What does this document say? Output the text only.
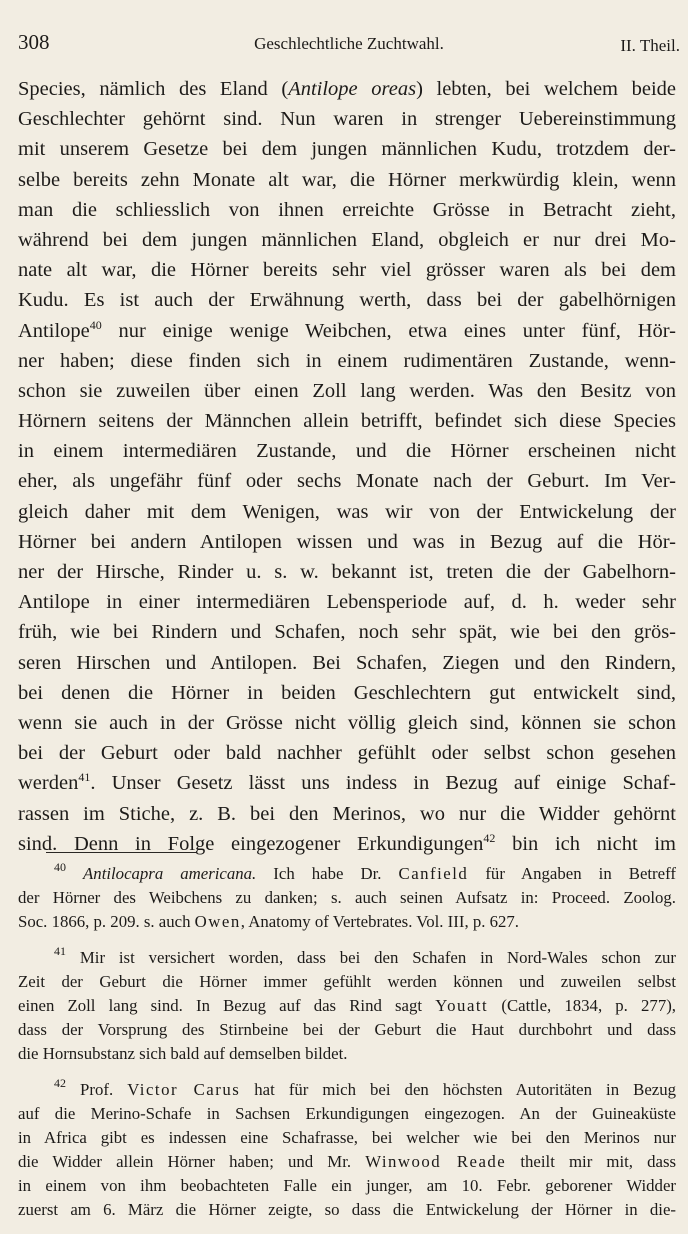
308	Geschlechtliche Zuchtwahl.	II. Theil.
Species, nämlich des Eland (Antilope oreas) lebten, bei welchem beide
Geschlechter gehörnt sind. Nun waren in strenger Uebereinstimmung
mit unserem Gesetze bei dem jungen männlichen Kudu, trotzdem der-
selbe bereits zehn Monate alt war, die Hörner merkwürdig klein, wenn
man die schliesslich von ihnen erreichte Grösse in Betracht zieht,
während bei dem jungen männlichen Eland, obgleich er nur drei Mo-
nate alt war, die Hörner bereits sehr viel grösser waren als bei dem
Kudu. Es ist auch der Erwähnung werth, dass bei der gabelhörnigen
Antilope$^{40}$ nur einige wenige Weibchen, etwa eines unter fünf, Hör-
ner haben; diese finden sich in einem rudimentären Zustande, wenn-
schon sie zuweilen über einen Zoll lang werden. Was den Besitz von
Hörnern seitens der Männchen allein betrifft, befindet sich diese Species
in einem intermediären Zustande, und die Hörner erscheinen nicht
eher, als ungefähr fünf oder sechs Monate nach der Geburt. Im Ver-
gleich daher mit dem Wenigen, was wir von der Entwickelung der
Hörner bei andern Antilopen wissen und was in Bezug auf die Hör-
ner der Hirsche, Rinder u. s. w. bekannt ist, treten die der Gabelhorn-
Antilope in einer intermediären Lebensperiode auf, d. h. weder sehr
früh, wie bei Rindern und Schafen, noch sehr spät, wie bei den grös-
seren Hirschen und Antilopen. Bei Schafen, Ziegen und den Rindern,
bei denen die Hörner in beiden Geschlechtern gut entwickelt sind,
wenn sie auch in der Grösse nicht völlig gleich sind, können sie schon
bei der Geburt oder bald nachher gefühlt oder selbst schon gesehen
werden$^{41}$. Unser Gesetz lässt uns indess in Bezug auf einige Schaf-
rassen im Stiche, z. B. bei den Merinos, wo nur die Widder gehörnt
sind. Denn in Folge eingezogener Erkundigungen$^{42}$ bin ich nicht im
$^{40}$ Antilocapra americana. Ich habe Dr. Canfield für Angaben in Betreff
der Hörner des Weibchens zu danken; s. auch seinen Aufsatz in: Proceed. Zoolog.
Soc. 1866, p. 209. s. auch Owen, Anatomy of Vertebrates. Vol. III, p. 627.
$^{41}$ Mir ist versichert worden, dass bei den Schafen in Nord-Wales schon zur
Zeit der Geburt die Hörner immer gefühlt werden können und zuweilen selbst
einen Zoll lang sind. In Bezug auf das Rind sagt Youatt (Cattle, 1834, p. 277),
dass der Vorsprung des Stirnbeine bei der Geburt die Haut durchbohrt und dass
die Hornsubstanz sich bald auf demselben bildet.
$^{42}$ Prof. Victor Carus hat für mich bei den höchsten Autoritäten in Bezug
auf die Merino-Schafe in Sachsen Erkundigungen eingezogen. An der Guineaküste
in Africa gibt es indessen eine Schafrasse, bei welcher wie bei den Merinos nur
die Widder allein Hörner haben; und Mr. Winwood Reade theilt mir mit, dass
in einem von ihm beobachteten Falle ein junger, am 10. Febr. geborener Widder
zuerst am 6. März die Hörner zeigte, so dass die Entwickelung der Hörner in die-
